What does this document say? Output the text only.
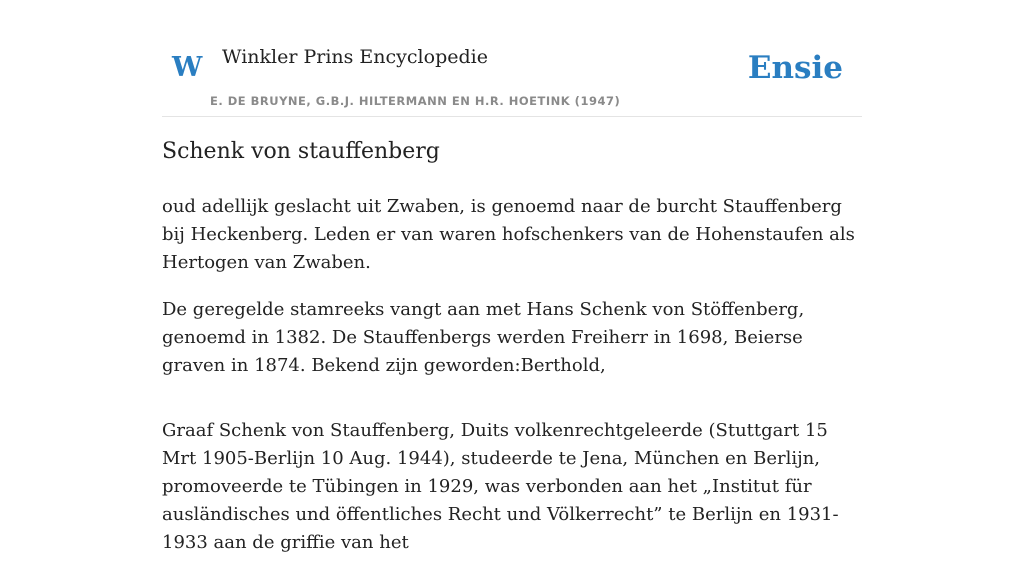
W Winkler Prins Encyclopedie
E. DE BRUYNE, G.B.J. HILTERMANN EN H.R. HOETINK (1947)
Ensie
Schenk von stauffenberg

oud adellijk geslacht uit Zwaben, is genoemd naar de burcht Stauffenberg bij Heckenberg. Leden er van waren hofschenkers van de Hohenstaufen als Hertogen van Zwaben.

De geregelde stamreeks vangt aan met Hans Schenk von Stöffenberg, genoemd in 1382. De Stauffenbergs werden Freiherr in 1698, Beierse graven in 1874. Bekend zijn geworden:Berthold,

Graaf Schenk von Stauffenberg, Duits volkenrechtgeleerde (Stuttgart 15 Mrt 1905-Berlijn 10 Aug. 1944), studeerde te Jena, München en Berlijn, promoveerde te Tübingen in 1929, was verbonden aan het „Institut für ausländisches und öffentliches Recht und Völkerrecht” te Berlijn en 1931-1933 aan de griffie van het
